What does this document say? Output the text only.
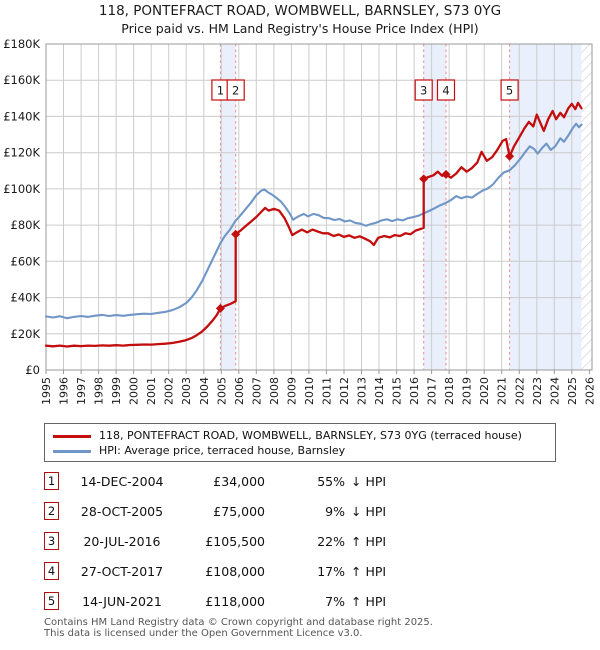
118, PONTEFRACT ROAD, WOMBWELL, BARNSLEY, S73 0YG
Price paid vs. HM Land Registry's House Price Index (HPI)
1 2	3 4	5
£0
£20K
£40K
£60K
£80K
£100K
£120K
£140K
£160K
£180K
1995 1996 1997 1998 1999 2000 2001 2002 2003 2004 2005 2006 2007 2008 2009 2010 2011 2012 2013 2014 2015 2016 2017 2018 2019 2020 2021 2022 2023 2024 2025 2026
118, PONTEFRACT ROAD, WOMBWELL, BARNSLEY, S73 0YG (terraced house)
HPI: Average price, terraced house, Barnsley
1	14-DEC-2004	£34,000	55% ↓ HPI
2	28-OCT-2005	£75,000	9% ↓ HPI
3	20-JUL-2016	£105,500	22% ↑ HPI
4	27-OCT-2017	£108,000	17% ↑ HPI
5	14-JUN-2021	£118,000	7% ↑ HPI
Contains HM Land Registry data © Crown copyright and database right 2025.
This data is licensed under the Open Government Licence v3.0.
